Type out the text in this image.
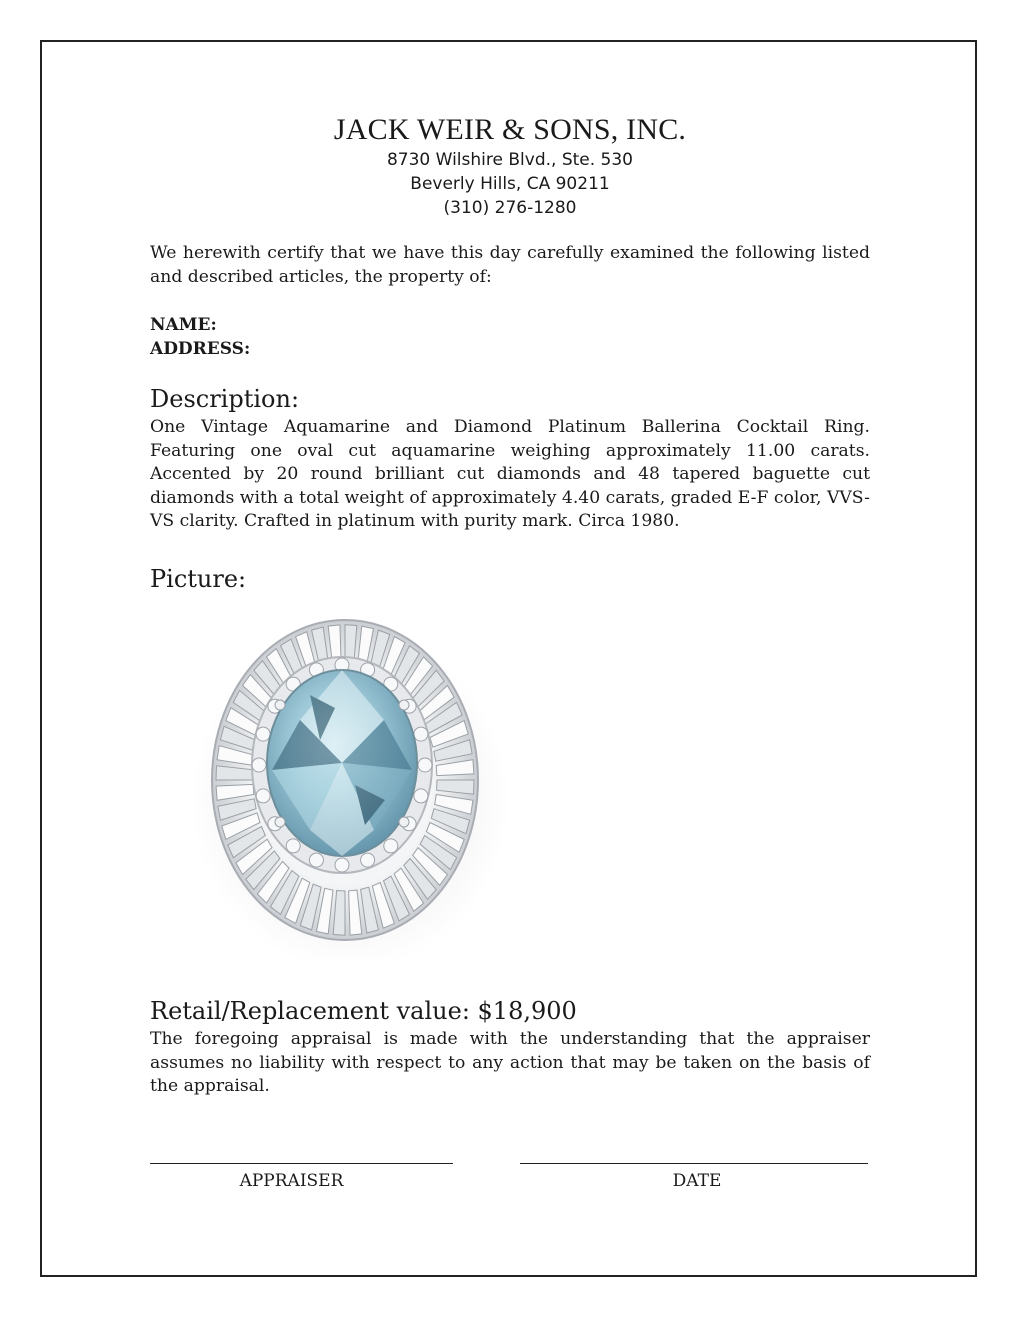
JACK WEIR & SONS, INC.
8730 Wilshire Blvd., Ste. 530
Beverly Hills, CA 90211
(310) 276-1280

We herewith certify that we have this day carefully examined the following listed and described articles, the property of:

NAME:
ADDRESS:
Description:

One Vintage Aquamarine and Diamond Platinum Ballerina Cocktail Ring. Featuring one oval cut aquamarine weighing approximately 11.00 carats. Accented by 20 round brilliant cut diamonds and 48 tapered baguette cut diamonds with a total weight of approximately 4.40 carats, graded E-F color, VVS-VS clarity. Crafted in platinum with purity mark. Circa 1980.

Picture:
Retail/Replacement value: $18,900

The foregoing appraisal is made with the understanding that the appraiser assumes no liability with respect to any action that may be taken on the basis of the appraisal.

APPRAISER	DATE
